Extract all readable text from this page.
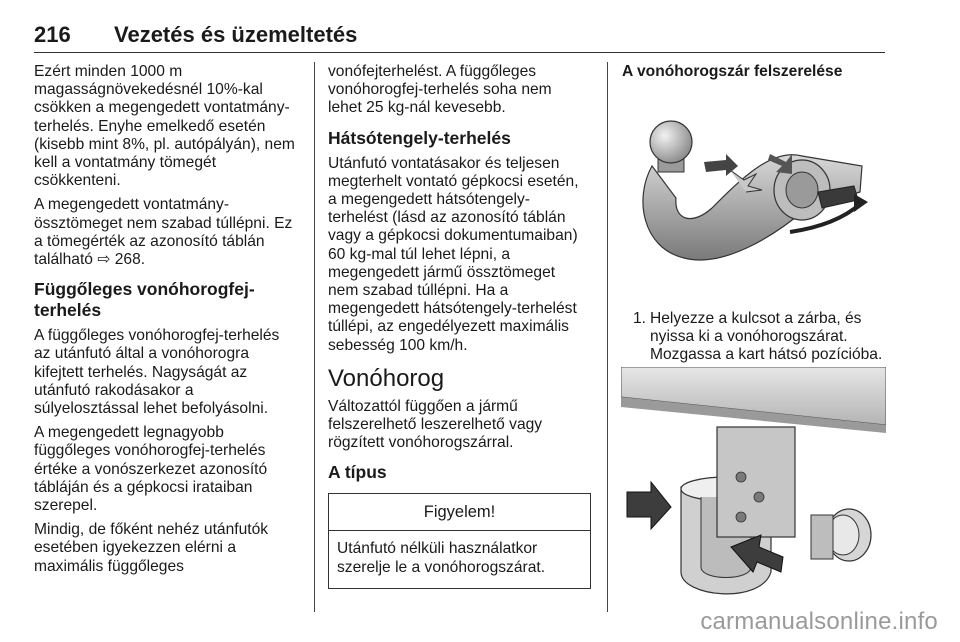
216 Vezetés és üzemeltetés

Ezért minden 1000 m
magasságnövekedésnél 10%-kal
csökken a megengedett vontatmány-
terhelés. Enyhe emelkedő esetén
(kisebb mint 8%, pl. autópályán), nem
kell a vontatmány tömegét
csökkenteni.

A megengedett vontatmány-
össztömeget nem szabad túllépni. Ez
a tömegérték az azonosító táblán
található ⇨ 268.

Függőleges vonóhorogfej-
terhelés

A függőleges vonóhorogfej-terhelés
az utánfutó által a vonóhorogra
kifejtett terhelés. Nagyságát az
utánfutó rakodásakor a
súlyelosztással lehet befolyásolni.

A megengedett legnagyobb
függőleges vonóhorogfej-terhelés
értéke a vonószerkezet azonosító
tábláján és a gépkocsi irataiban
szerepel.

Mindig, de főként nehéz utánfutók
esetében igyekezzen elérni a
maximális függőleges

vonófejterhelést. A függőleges
vonóhorogfej-terhelés soha nem
lehet 25 kg-nál kevesebb.

Hátsótengely-terhelés

Utánfutó vontatásakor és teljesen
megterhelt vontató gépkocsi esetén,
a megengedett hátsótengely-
terhelést (lásd az azonosító táblán
vagy a gépkocsi dokumentumaiban)
60 kg-mal túl lehet lépni, a
megengedett jármű össztömeget
nem szabad túllépni. Ha a
megengedett hátsótengely-terhelést
túllépi, az engedélyezett maximális
sebesség 100 km/h.

Vonóhorog

Változattól függően a jármű
felszerelhető leszerelhető vagy
rögzített vonóhorogszárral.

A típus
Figyelem!
Utánfutó nélküli használatkor
szerelje le a vonóhorogszárat.
A vonóhorogszár felszerelése
1. Helyezze a kulcsot a zárba, és
nyissa ki a vonóhorogszárat.
Mozgassa a kart hátsó pozícióba.
carmanualsonline.info
